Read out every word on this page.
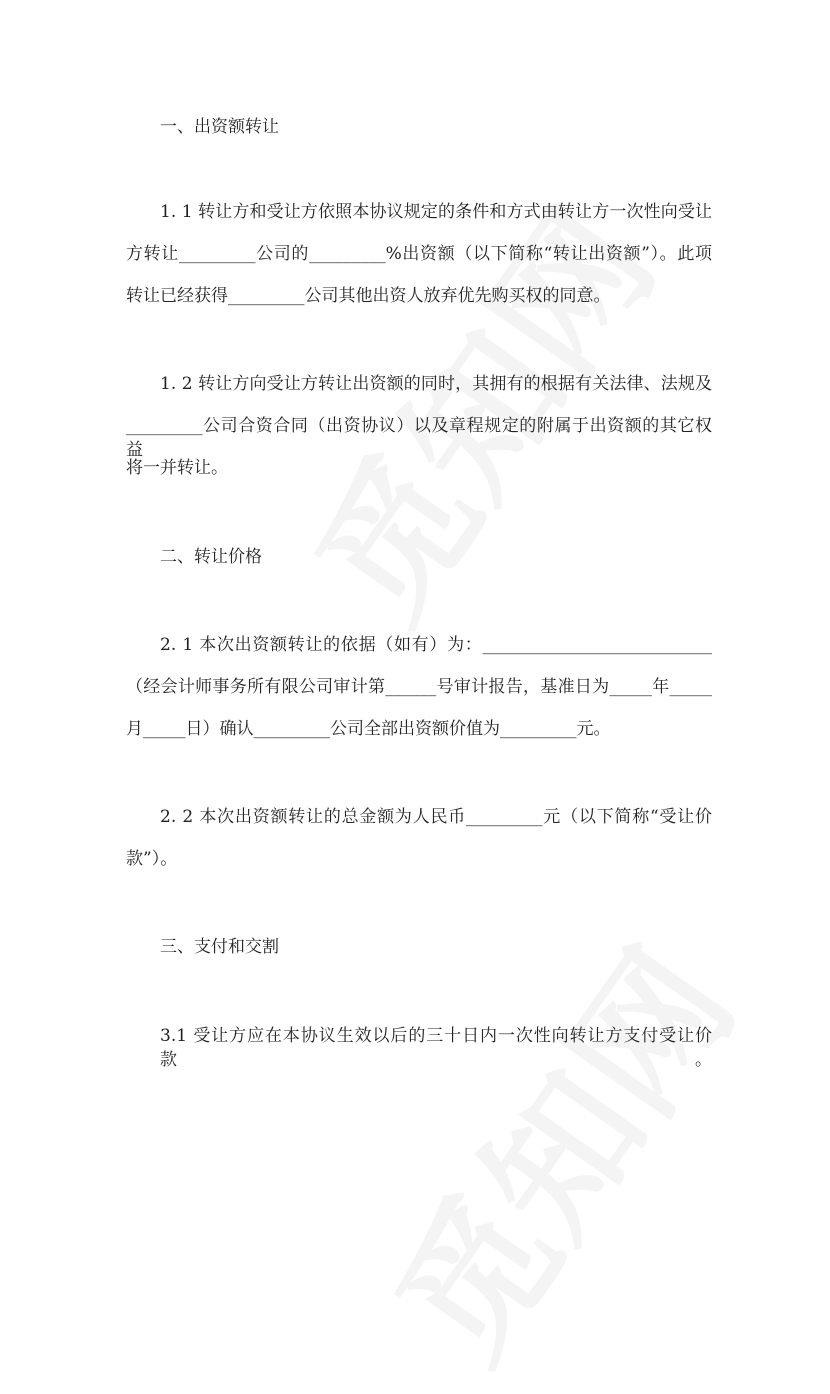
一、出资额转让
1. 1 转让方和受让方依照本协议规定的条件和方式由转让方一次性向受让
方转让_________公司的_________%出资额（以下简称“转让出资额”）。此项
转让已经获得_________公司其他出资人放弃优先购买权的同意。
1. 2 转让方向受让方转让出资额的同时，其拥有的根据有关法律、法规及
_________公司合资合同（出资协议）以及章程规定的附属于出资额的其它权益
将一并转让。
二、转让价格
2. 1 本次出资额转让的依据（如有）为：___________________________
（经会计师事务所有限公司审计第______号审计报告，基准日为_____年_____
月_____日）确认_________公司全部出资额价值为_________元。
2. 2 本次出资额转让的总金额为人民币_________元（以下简称“受让价
款”）。
三、支付和交割
3.1 受让方应在本协议生效以后的三十日内一次性向转让方支付受让价款。
